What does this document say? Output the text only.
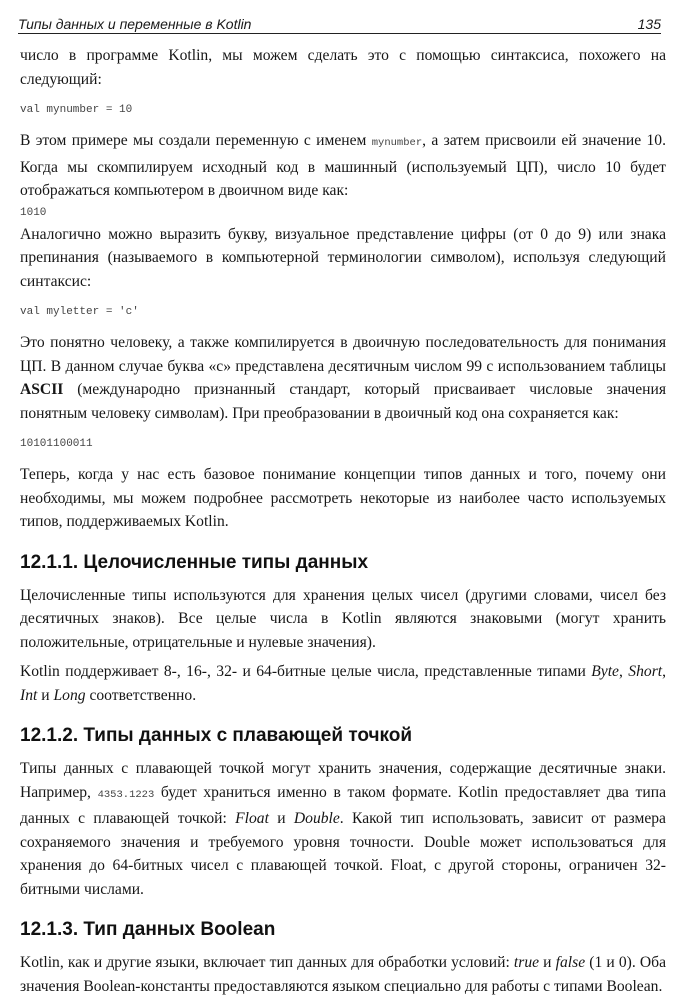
Типы данных и переменные в Kotlin	135

число в программе Kotlin, мы можем сделать это с помощью синтаксиса, похожего на следующий:

val mynumber = 10

В этом примере мы создали переменную с именем mynumber, а затем присвоили ей значение 10. Когда мы скомпилируем исходный код в машинный (используемый ЦП), число 10 будет отображаться компьютером в двоичном виде как:

1010

Аналогично можно выразить букву, визуальное представление цифры (от 0 до 9) или знака препинания (называемого в компьютерной терминологии символом), используя следующий синтаксис:

val myletter = 'c'

Это понятно человеку, а также компилируется в двоичную последовательность для понимания ЦП. В данном случае буква «с» представлена десятичным числом 99 с использованием таблицы ASCII (международно признанный стандарт, который присваивает числовые значения понятным человеку символам). При преобразовании в двоичный код она сохраняется как:

10101100011

Теперь, когда у нас есть базовое понимание концепции типов данных и того, почему они необходимы, мы можем подробнее рассмотреть некоторые из наиболее часто используемых типов, поддерживаемых Kotlin.

12.1.1. Целочисленные типы данных

Целочисленные типы используются для хранения целых чисел (другими словами, чисел без десятичных знаков). Все целые числа в Kotlin являются знаковыми (могут хранить положительные, отрицательные и нулевые значения).

Kotlin поддерживает 8-, 16-, 32- и 64-битные целые числа, представленные типами Byte, Short, Int и Long соответственно.

12.1.2. Типы данных с плавающей точкой

Типы данных с плавающей точкой могут хранить значения, содержащие десятичные знаки. Например, 4353.1223 будет храниться именно в таком формате. Kotlin предоставляет два типа данных с плавающей точкой: Float и Double. Какой тип использовать, зависит от размера сохраняемого значения и требуемого уровня точности. Double может использоваться для хранения до 64-битных чисел с плавающей точкой. Float, с другой стороны, ограничен 32-битными числами.

12.1.3. Тип данных Boolean

Kotlin, как и другие языки, включает тип данных для обработки условий: true и false (1 и 0). Оба значения Boolean-константы предоставляются языком специально для работы с типами Boolean.
